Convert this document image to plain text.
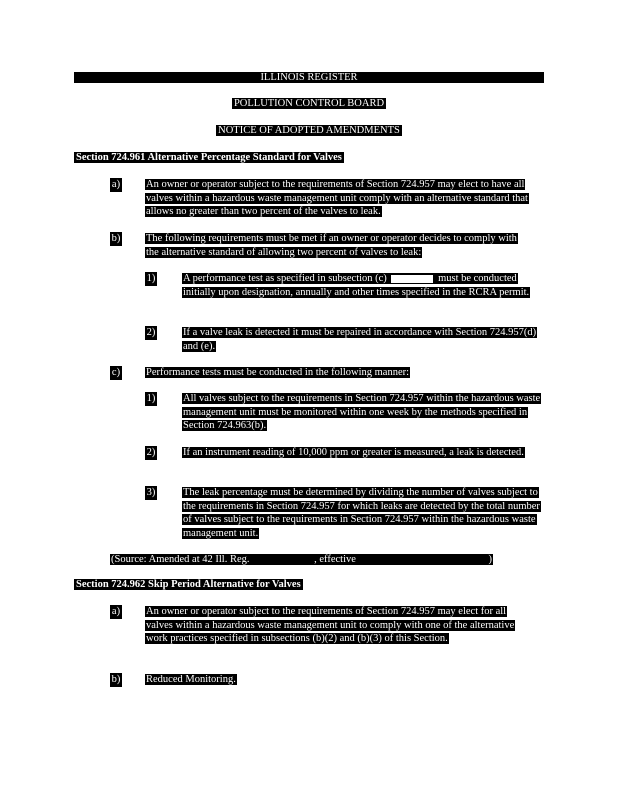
ILLINOIS REGISTER
POLLUTION CONTROL BOARD
NOTICE OF ADOPTED AMENDMENTS
Section 724.961 Alternative Percentage Standard for Valves
a) An owner or operator subject to the requirements of Section 724.957 may elect to have all valves within a hazardous waste management unit comply with an alternative standard that allows no greater than two percent of the valves to leak.
b) The following requirements must be met if an owner or operator decides to comply with the alternative standard of allowing two percent of valves to leak:
1)	A performance test as specified in subsection (c)	must be conducted initially upon designation, annually and other times specified in the RCRA permit.
2)	If a valve leak is detected it must be repaired in accordance with Section 724.957(d) and (e).
c) Performance tests must be conducted in the following manner:
1)	All valves subject to the requirements in Section 724.957 within the hazardous waste management unit must be monitored within one week by the methods specified in Section 724.963(b).
2)	If an instrument reading of 10,000 ppm or greater is measured, a leak is detected.
3)	The leak percentage must be determined by dividing the number of valves subject to the requirements in Section 724.957 for which leaks are detected by the total number of valves subject to the requirements in Section 724.957 within the hazardous waste management unit.
(Source: Amended at 42 Ill. Reg.	, effective	)
Section 724.962 Skip Period Alternative for Valves
a) An owner or operator subject to the requirements of Section 724.957 may elect for all valves within a hazardous waste management unit to comply with one of the alternative work practices specified in subsections (b)(2) and (b)(3) of this Section.
b) Reduced Monitoring.
